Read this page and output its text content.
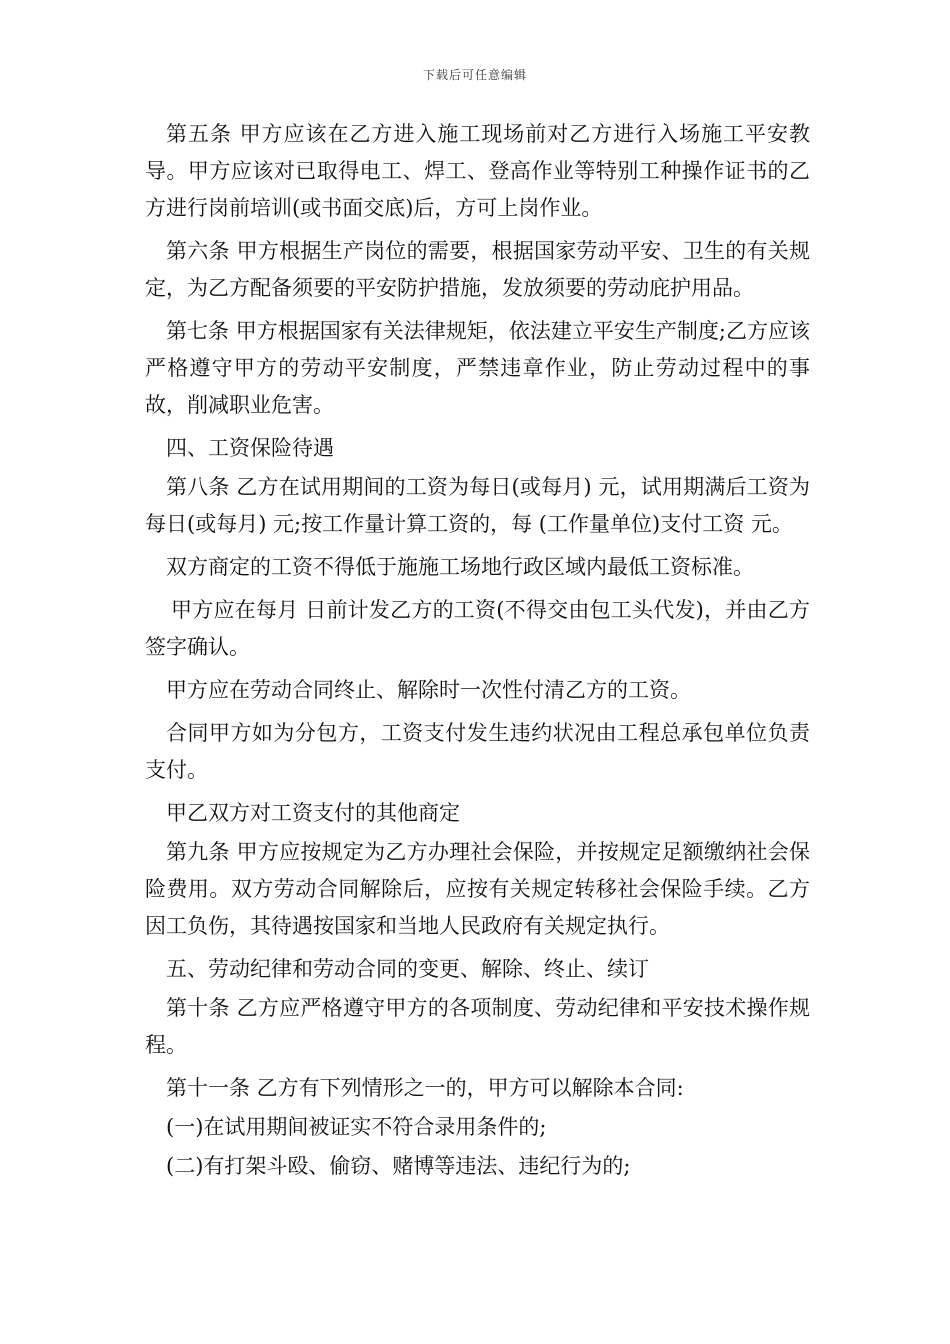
下载后可任意编辑

第五条 甲方应该在乙方进入施工现场前对乙方进行入场施工平安教导。甲方应该对已取得电工、焊工、登高作业等特别工种操作证书的乙方进行岗前培训(或书面交底)后，方可上岗作业。

第六条 甲方根据生产岗位的需要，根据国家劳动平安、卫生的有关规定，为乙方配备须要的平安防护措施，发放须要的劳动庇护用品。

第七条 甲方根据国家有关法律规矩，依法建立平安生产制度;乙方应该严格遵守甲方的劳动平安制度，严禁违章作业，防止劳动过程中的事故，削减职业危害。

四、工资保险待遇

第八条 乙方在试用期间的工资为每日(或每月) 元，试用期满后工资为每日(或每月) 元;按工作量计算工资的，每 (工作量单位)支付工资 元。

双方商定的工资不得低于施施工场地行政区域内最低工资标准。

甲方应在每月 日前计发乙方的工资(不得交由包工头代发)，并由乙方签字确认。

甲方应在劳动合同终止、解除时一次性付清乙方的工资。

合同甲方如为分包方，工资支付发生违约状况由工程总承包单位负责支付。

甲乙双方对工资支付的其他商定

第九条 甲方应按规定为乙方办理社会保险，并按规定足额缴纳社会保险费用。双方劳动合同解除后，应按有关规定转移社会保险手续。乙方因工负伤，其待遇按国家和当地人民政府有关规定执行。

五、劳动纪律和劳动合同的变更、解除、终止、续订

第十条 乙方应严格遵守甲方的各项制度、劳动纪律和平安技术操作规程。

第十一条 乙方有下列情形之一的，甲方可以解除本合同:

(一)在试用期间被证实不符合录用条件的;

(二)有打架斗殴、偷窃、赌博等违法、违纪行为的;
